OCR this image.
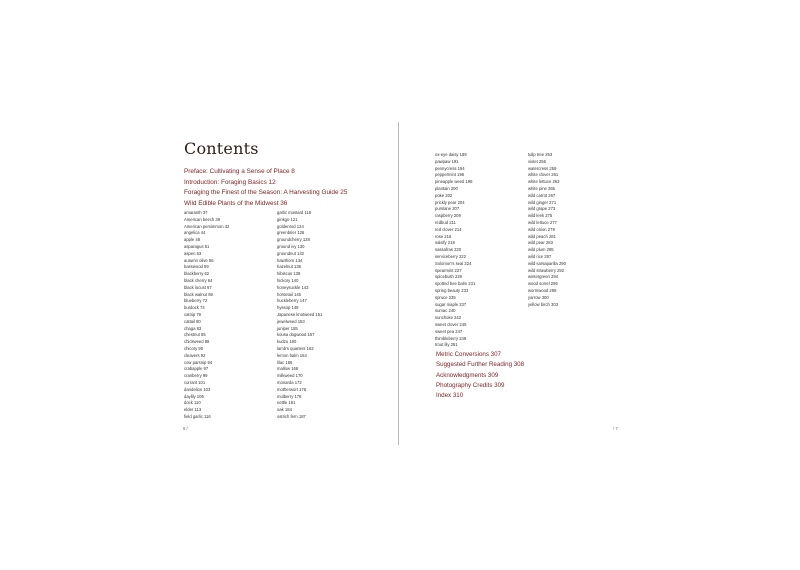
Contents
Preface: Cultivating a Sense of Place 8
Introduction: Foraging Basics 12
Foraging the Finest of the Season: A Harvesting Guide 25
Wild Edible Plants of the Midwest 36
amaranth 37
American beech 39
American persimmon 42
angelica 44
apple 48
asparagus 51
aspen 53
autumn olive 56
basswood 59
blackberry 62
black cherry 64
black locust 67
black walnut 69
blueberry 72
burdock 74
catnip 78
cattail 80
chaga 83
chestnut 85
chickweed 88
chicory 90
cleavers 92
cow parsnip 94
crabapple 97
cranberry 99
currant 101
dandelion 103
daylily 106
dock 110
elder 113
field garlic 116
garlic mustard 118
ginkgo 121
goldenrod 124
greenbrier 126
groundcherry 128
ground ivy 130
groundnut 132
hawthorn 134
hazelnut 136
hibiscus 138
hickory 140
honeysuckle 143
horsetail 145
huckleberry 147
hyssop 149
Japanese knotweed 151
jewelweed 153
juniper 155
kousa dogwood 157
kudzu 160
lamb's quarters 162
lemon balm 164
lilac 166
mallow 168
milkweed 170
monarda 172
motherwort 176
mulberry 178
nettle 181
oak 184
ostrich fern 187
6 /
ox-eye daisy 189
pawpaw 191
pennycress 194
peppermint 196
pineapple weed 198
plantain 200
poke 202
prickly pear 204
purslane 207
raspberry 209
redbud 211
red clover 214
rose 216
salsify 218
sassafras 220
serviceberry 222
Solomon's seal 224
spearmint 227
spicebush 229
spotted bee balm 231
spring beauty 233
spruce 235
sugar maple 237
sumac 240
sunchoke 242
sweet clover 245
sweet pea 247
thimbleberry 249
trout lily 251
tulip tree 253
violet 256
watercress 259
white clover 261
white lettuce 263
white pine 265
wild carrot 267
wild ginger 271
wild grape 273
wild leek 275
wild lettuce 277
wild onion 279
wild peach 281
wild pear 283
wild plum 285
wild rice 287
wild sarsaparilla 290
wild strawberry 292
wintergreen 294
wood sorrel 296
wormwood 298
yarrow 300
yellow birch 303
Metric Conversions 307
Suggested Further Reading 308
Acknowledgments 309
Photography Credits 309
Index 310
/ 7
